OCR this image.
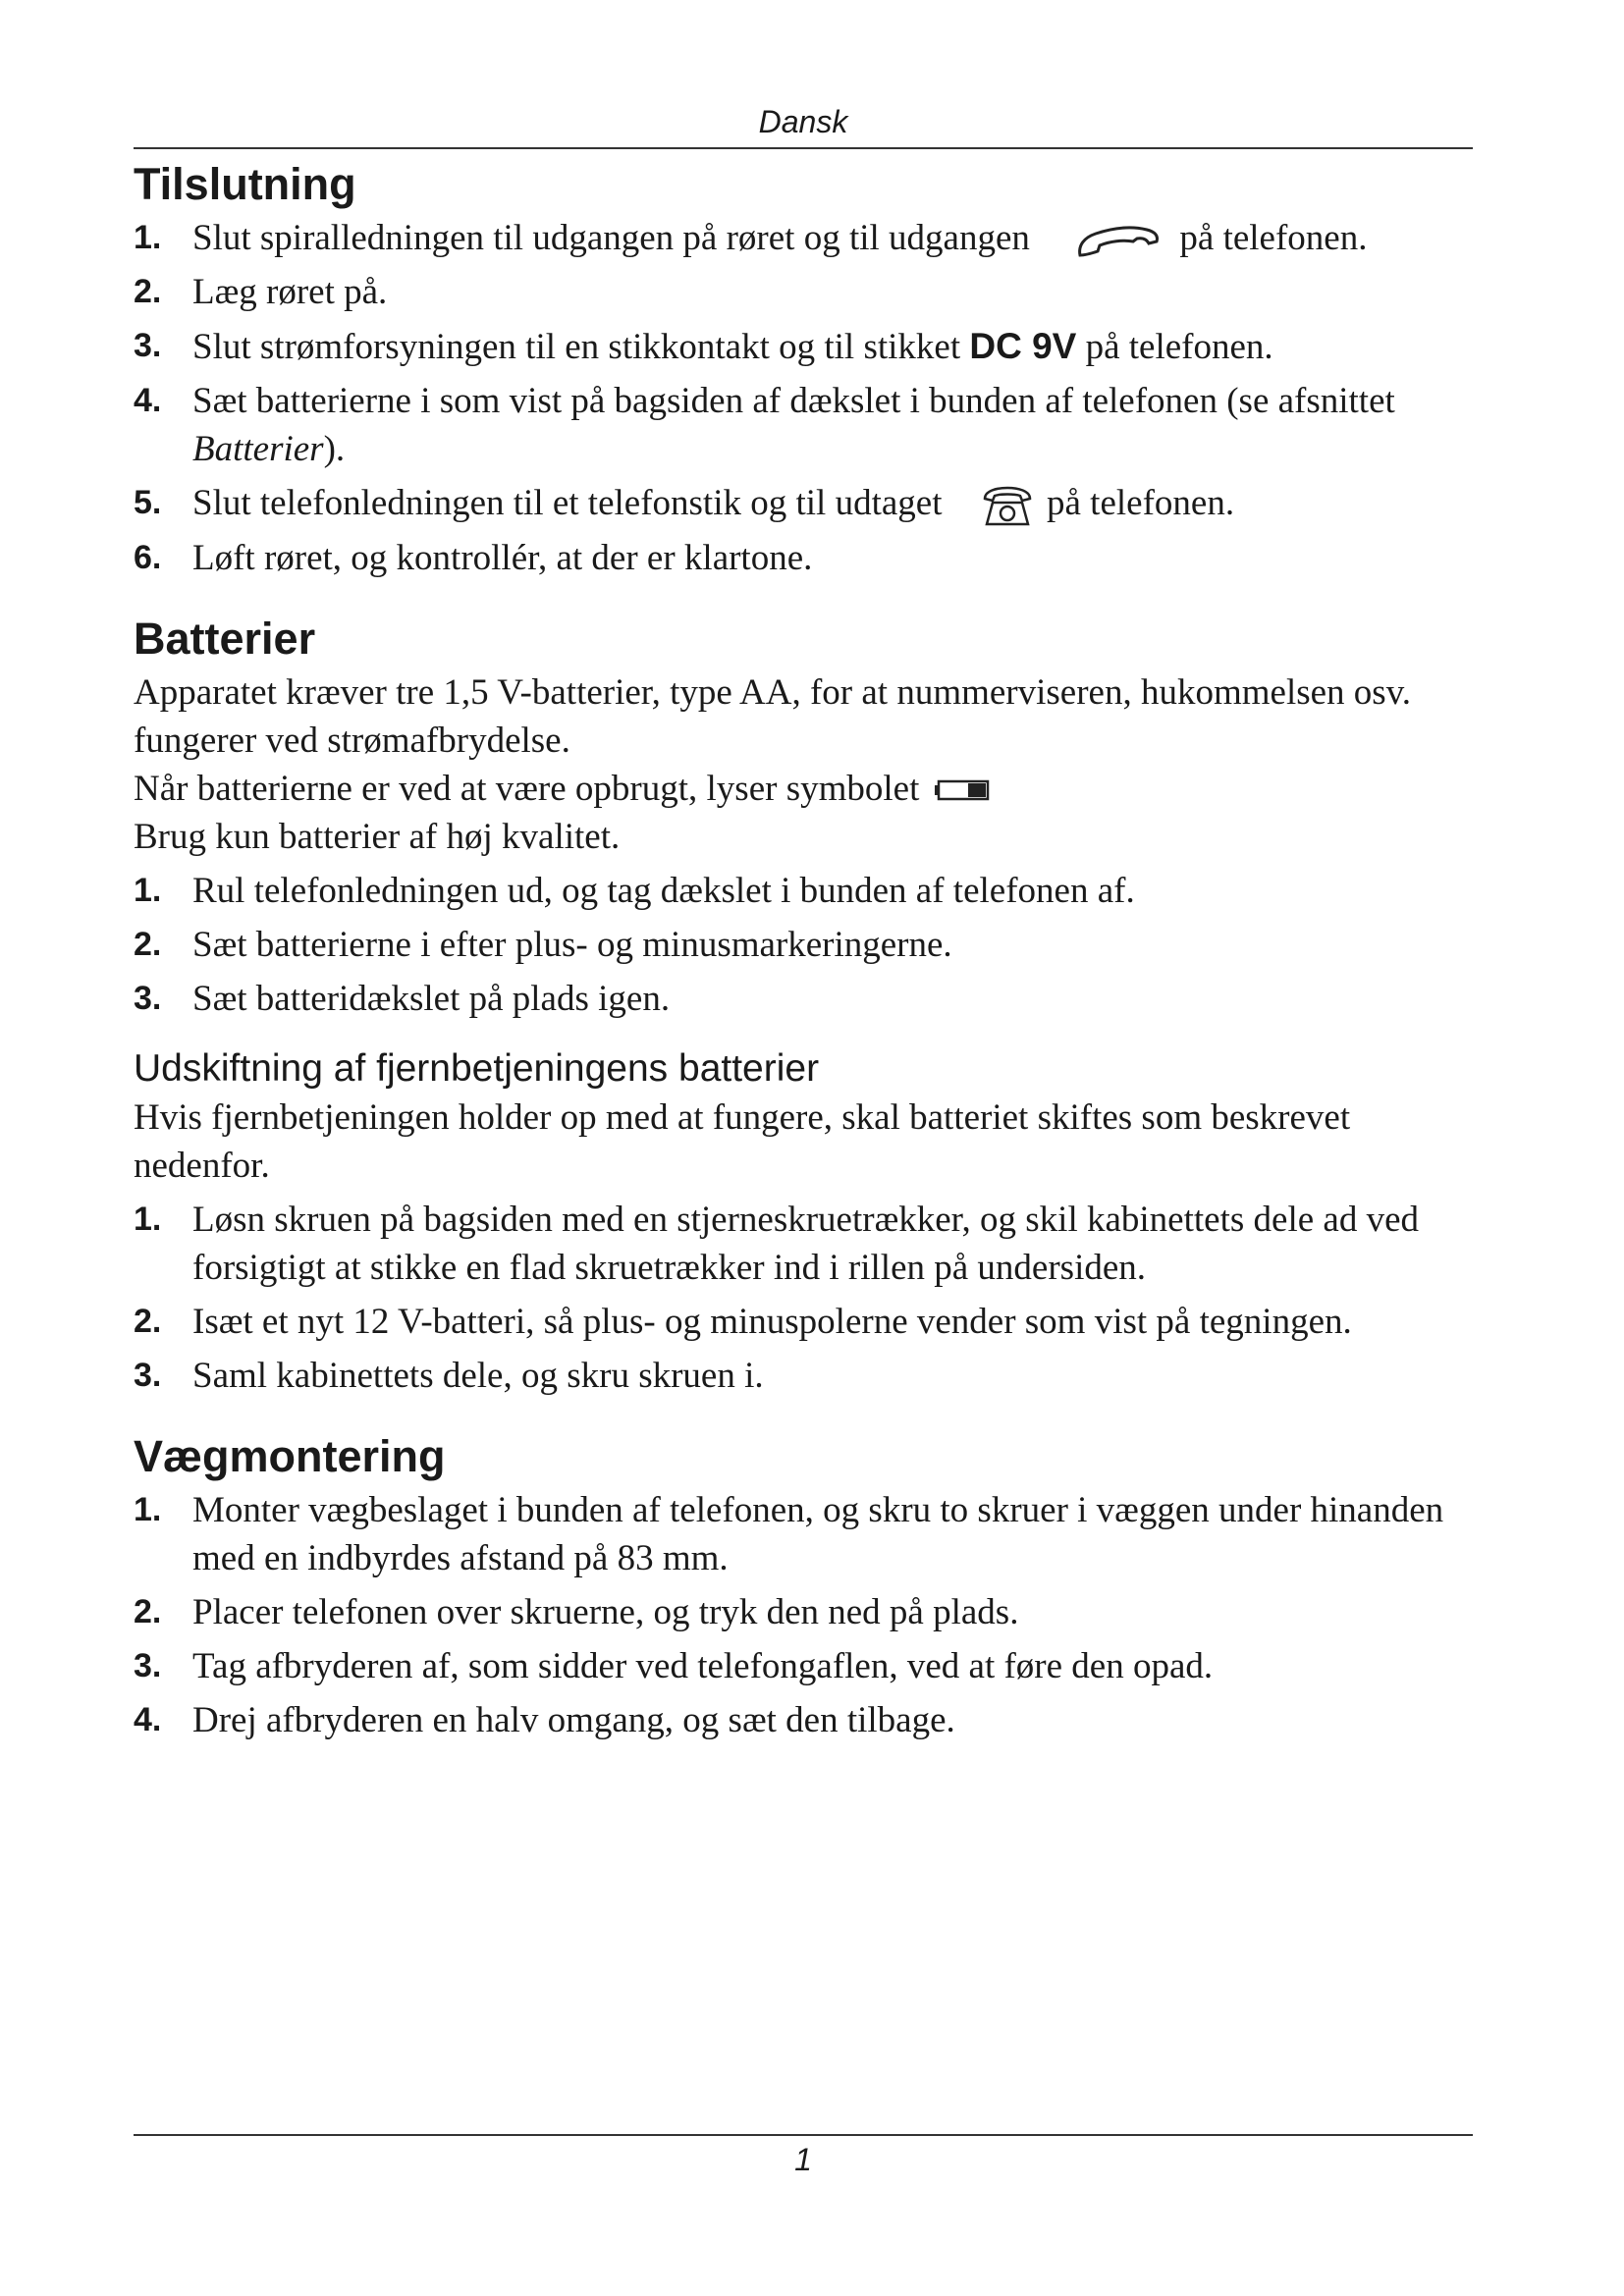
Dansk
Tilslutning
1. Slut spiralledningen til udgangen på røret og til udgangen	på telefonen.
2. Læg røret på.
3. Slut strømforsyningen til en stikkontakt og til stikket DC 9V på telefonen.
4. Sæt batterierne i som vist på bagsiden af dækslet i bunden af telefonen (se afsnittet Batterier).
5. Slut telefonledningen til et telefonstik og til udtaget	på telefonen.
6. Løft røret, og kontrollér, at der er klartone.
Batterier

Apparatet kræver tre 1,5 V-batterier, type AA, for at nummerviseren, hukommelsen osv. fungerer ved strømafbrydelse.

Når batterierne er ved at være opbrugt, lyser symbolet

Brug kun batterier af høj kvalitet.

1. Rul telefonledningen ud, og tag dækslet i bunden af telefonen af.
2. Sæt batterierne i efter plus- og minusmarkeringerne.
3. Sæt batteridækslet på plads igen.
Udskiftning af fjernbetjeningens batterier

Hvis fjernbetjeningen holder op med at fungere, skal batteriet skiftes som beskrevet nedenfor.

1. Løsn skruen på bagsiden med en stjerneskruetrækker, og skil kabinettets dele ad ved forsigtigt at stikke en flad skruetrækker ind i rillen på undersiden.
2. Isæt et nyt 12 V-batteri, så plus- og minuspolerne vender som vist på tegningen.
3. Saml kabinettets dele, og skru skruen i.
Vægmontering
1. Monter vægbeslaget i bunden af telefonen, og skru to skruer i væggen under hinanden med en indbyrdes afstand på 83 mm.
2. Placer telefonen over skruerne, og tryk den ned på plads.
3. Tag afbryderen af, som sidder ved telefongaflen, ved at føre den opad.
4. Drej afbryderen en halv omgang, og sæt den tilbage.
1
